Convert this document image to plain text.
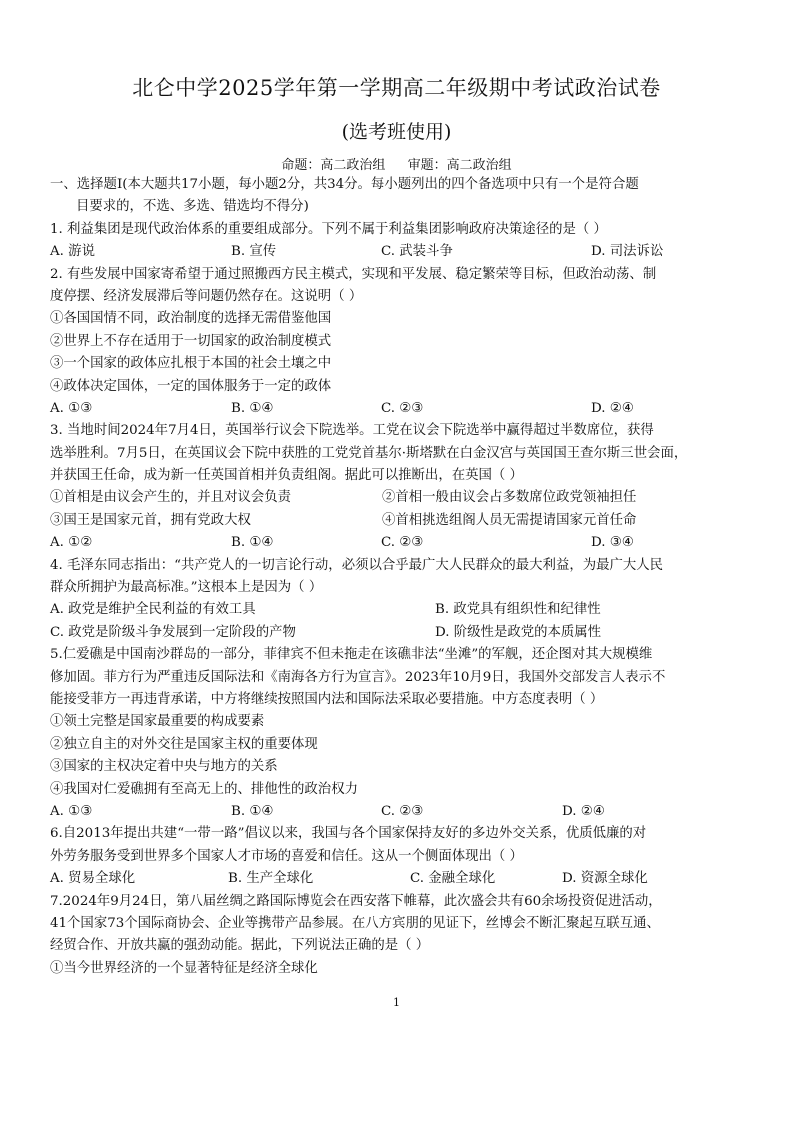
北仑中学2025学年第一学期高二年级期中考试政治试卷
(选考班使用)
命题：高二政治组 审题：高二政治组
一、选择题Ⅰ(本大题共17小题，每小题2分，共34分。每小题列出的四个备选项中只有一个是符合题
目要求的，不选、多选、错选均不得分)
1. 利益集团是现代政治体系的重要组成部分。下列不属于利益集团影响政府决策途径的是（ ）
A. 游说	B. 宣传	C. 武装斗争	D. 司法诉讼
2. 有些发展中国家寄希望于通过照搬西方民主模式，实现和平发展、稳定繁荣等目标，但政治动荡、制
度停摆、经济发展滞后等问题仍然存在。这说明（ ）
①各国国情不同，政治制度的选择无需借鉴他国
②世界上不存在适用于一切国家的政治制度模式
③一个国家的政体应扎根于本国的社会土壤之中
④政体决定国体，一定的国体服务于一定的政体
A. ①③	B. ①④	C. ②③	D. ②④
3. 当地时间2024年7月4日，英国举行议会下院选举。工党在议会下院选举中赢得超过半数席位，获得
选举胜利。7月5日，在英国议会下院中获胜的工党党首基尔·斯塔默在白金汉宫与英国国王查尔斯三世会面，
并获国王任命，成为新一任英国首相并负责组阁。据此可以推断出，在英国（ ）
①首相是由议会产生的，并且对议会负责	②首相一般由议会占多数席位政党领袖担任
③国王是国家元首，拥有党政大权	④首相挑选组阁人员无需提请国家元首任命
A. ①②	B. ①④	C. ②③	D. ③④
4. 毛泽东同志指出：“共产党人的一切言论行动，必须以合乎最广大人民群众的最大利益，为最广大人民
群众所拥护为最高标准。”这根本上是因为（ ）
A. 政党是维护全民利益的有效工具	B. 政党具有组织性和纪律性
C. 政党是阶级斗争发展到一定阶段的产物	D. 阶级性是政党的本质属性
5.仁爱礁是中国南沙群岛的一部分，菲律宾不但未拖走在该礁非法“坐滩”的军舰，还企图对其大规模维
修加固。菲方行为严重违反国际法和《南海各方行为宣言》。2023年10月9日，我国外交部发言人表示不
能接受菲方一再违背承诺，中方将继续按照国内法和国际法采取必要措施。中方态度表明（ ）
①领土完整是国家最重要的构成要素
②独立自主的对外交往是国家主权的重要体现
③国家的主权决定着中央与地方的关系
④我国对仁爱礁拥有至高无上的、排他性的政治权力
A. ①③	B. ①④	C. ②③	D. ②④
6.自2013年提出共建“一带一路”倡议以来，我国与各个国家保持友好的多边外交关系，优质低廉的对
外劳务服务受到世界多个国家人才市场的喜爱和信任。这从一个侧面体现出（ ）
A. 贸易全球化	B. 生产全球化	C. 金融全球化	D. 资源全球化
7.2024年9月24日，第八届丝绸之路国际博览会在西安落下帷幕，此次盛会共有60余场投资促进活动，
41个国家73个国际商协会、企业等携带产品参展。在八方宾朋的见证下，丝博会不断汇聚起互联互通、
经贸合作、开放共赢的强劲动能。据此，下列说法正确的是（ ）
①当今世界经济的一个显著特征是经济全球化
1
